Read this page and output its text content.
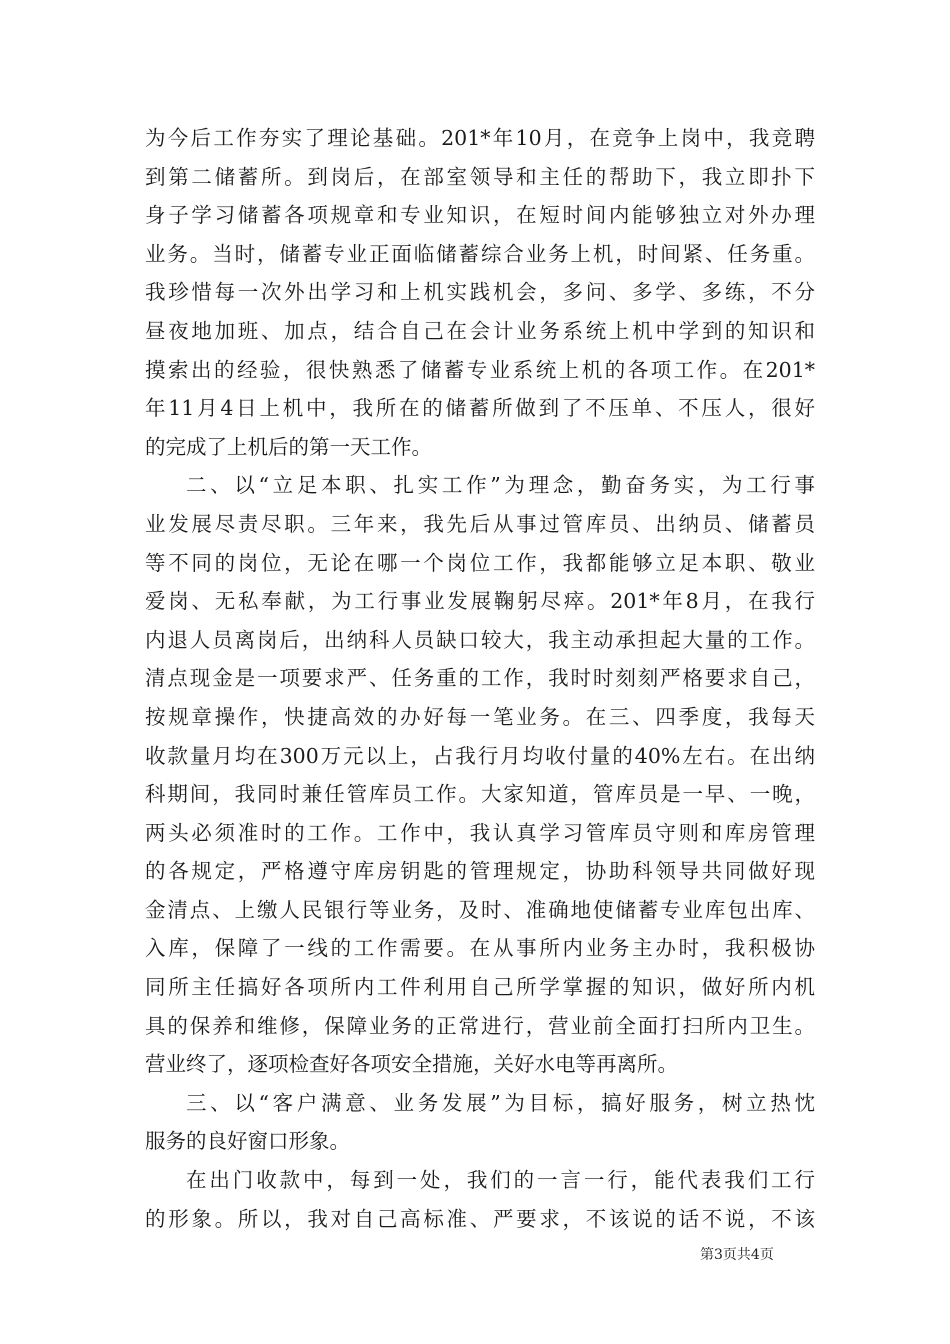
为今后工作夯实了理论基础。201*年10月，在竞争上岗中，我竞聘
到第二储蓄所。到岗后，在部室领导和主任的帮助下，我立即扑下
身子学习储蓄各项规章和专业知识，在短时间内能够独立对外办理
业务。当时，储蓄专业正面临储蓄综合业务上机，时间紧、任务重。
我珍惜每一次外出学习和上机实践机会，多问、多学、多练，不分
昼夜地加班、加点，结合自己在会计业务系统上机中学到的知识和
摸索出的经验，很快熟悉了储蓄专业系统上机的各项工作。在201*
年11月4日上机中，我所在的储蓄所做到了不压单、不压人，很好
的完成了上机后的第一天工作。
二、以“立足本职、扎实工作”为理念，勤奋务实，为工行事
业发展尽责尽职。三年来，我先后从事过管库员、出纳员、储蓄员
等不同的岗位，无论在哪一个岗位工作，我都能够立足本职、敬业
爱岗、无私奉献，为工行事业发展鞠躬尽瘁。201*年8月，在我行
内退人员离岗后，出纳科人员缺口较大，我主动承担起大量的工作。
清点现金是一项要求严、任务重的工作，我时时刻刻严格要求自己，
按规章操作，快捷高效的办好每一笔业务。在三、四季度，我每天
收款量月均在300万元以上，占我行月均收付量的40%左右。在出纳
科期间，我同时兼任管库员工作。大家知道，管库员是一早、一晚，
两头必须准时的工作。工作中，我认真学习管库员守则和库房管理
的各规定，严格遵守库房钥匙的管理规定，协助科领导共同做好现
金清点、上缴人民银行等业务，及时、准确地使储蓄专业库包出库、
入库，保障了一线的工作需要。在从事所内业务主办时，我积极协
同所主任搞好各项所内工件利用自己所学掌握的知识，做好所内机
具的保养和维修，保障业务的正常进行，营业前全面打扫所内卫生。
营业终了，逐项检查好各项安全措施，关好水电等再离所。
三、以“客户满意、业务发展”为目标，搞好服务，树立热忱
服务的良好窗口形象。
在出门收款中，每到一处，我们的一言一行，能代表我们工行
的形象。所以，我对自己高标准、严要求，不该说的话不说，不该
第3页共4页
